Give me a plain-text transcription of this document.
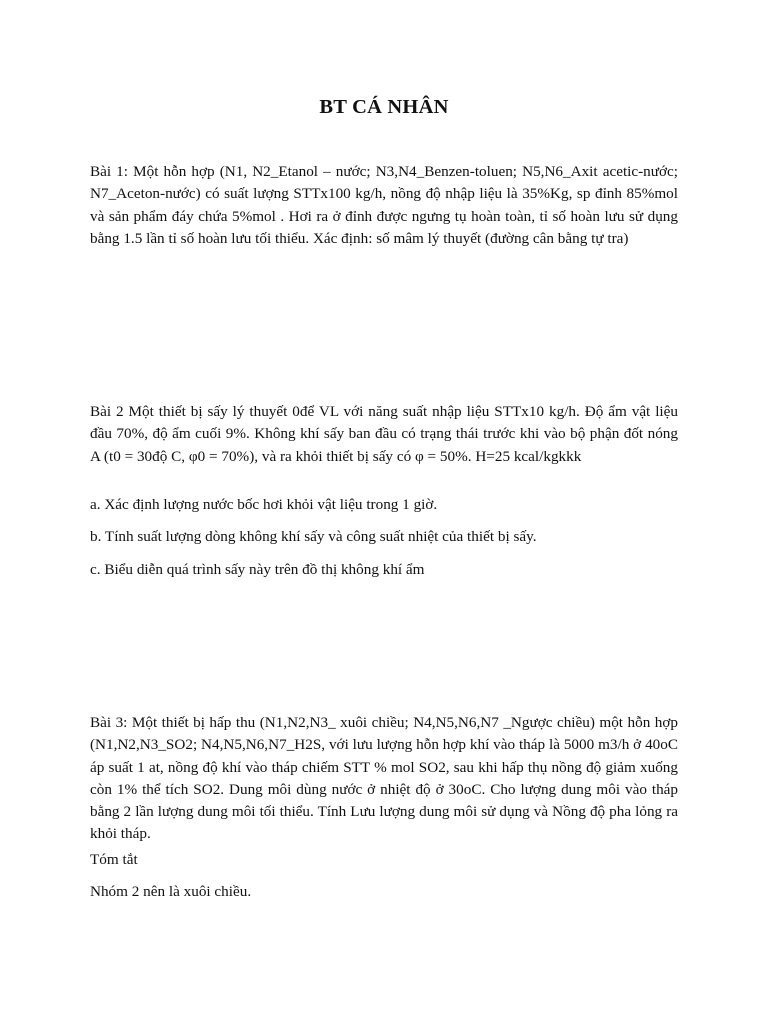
BT CÁ NHÂN

Bài 1: Một hỗn hợp (N1, N2_Etanol – nước; N3,N4_Benzen-toluen; N5,N6_Axit acetic-nước; N7_Aceton-nước) có suất lượng STTx100 kg/h, nồng độ nhập liệu là 35%Kg, sp đỉnh 85%mol và sản phẩm đáy chứa 5%mol . Hơi ra ở đỉnh được ngưng tụ hoàn toàn, tỉ số hoàn lưu sử dụng bằng 1.5 lần tỉ số hoàn lưu tối thiểu. Xác định: số mâm lý thuyết (đường cân bằng tự tra)

Bài 2 Một thiết bị sấy lý thuyết 0để VL với năng suất nhập liệu STTx10 kg/h. Độ ẩm vật liệu đầu 70%, độ ẩm cuối 9%. Không khí sấy ban đầu có trạng thái trước khi vào bộ phận đốt nóng A (t0 = 30độ C, φ0 = 70%), và ra khỏi thiết bị sấy có φ = 50%. H=25 kcal/kgkkk

a. Xác định lượng nước bốc hơi khỏi vật liệu trong 1 giờ.

b. Tính suất lượng dòng không khí sấy và công suất nhiệt của thiết bị sấy.

c. Biểu diễn quá trình sấy này trên đồ thị không khí ẩm

Bài 3: Một thiết bị hấp thu (N1,N2,N3_ xuôi chiều; N4,N5,N6,N7 _Ngược chiều) một hỗn hợp (N1,N2,N3_SO2; N4,N5,N6,N7_H2S, với lưu lượng hỗn hợp khí vào tháp là 5000 m3/h ở 40oC áp suất 1 at, nồng độ khí vào tháp chiếm STT % mol SO2, sau khi hấp thụ nồng độ giảm xuống còn 1% thể tích SO2. Dung môi dùng nước ở nhiệt độ ở 30oC. Cho lượng dung môi vào tháp bằng 2 lần lượng dung môi tối thiểu. Tính Lưu lượng dung môi sử dụng và Nồng độ pha lỏng ra khỏi tháp.

Tóm tắt

Nhóm 2 nên là xuôi chiều.
